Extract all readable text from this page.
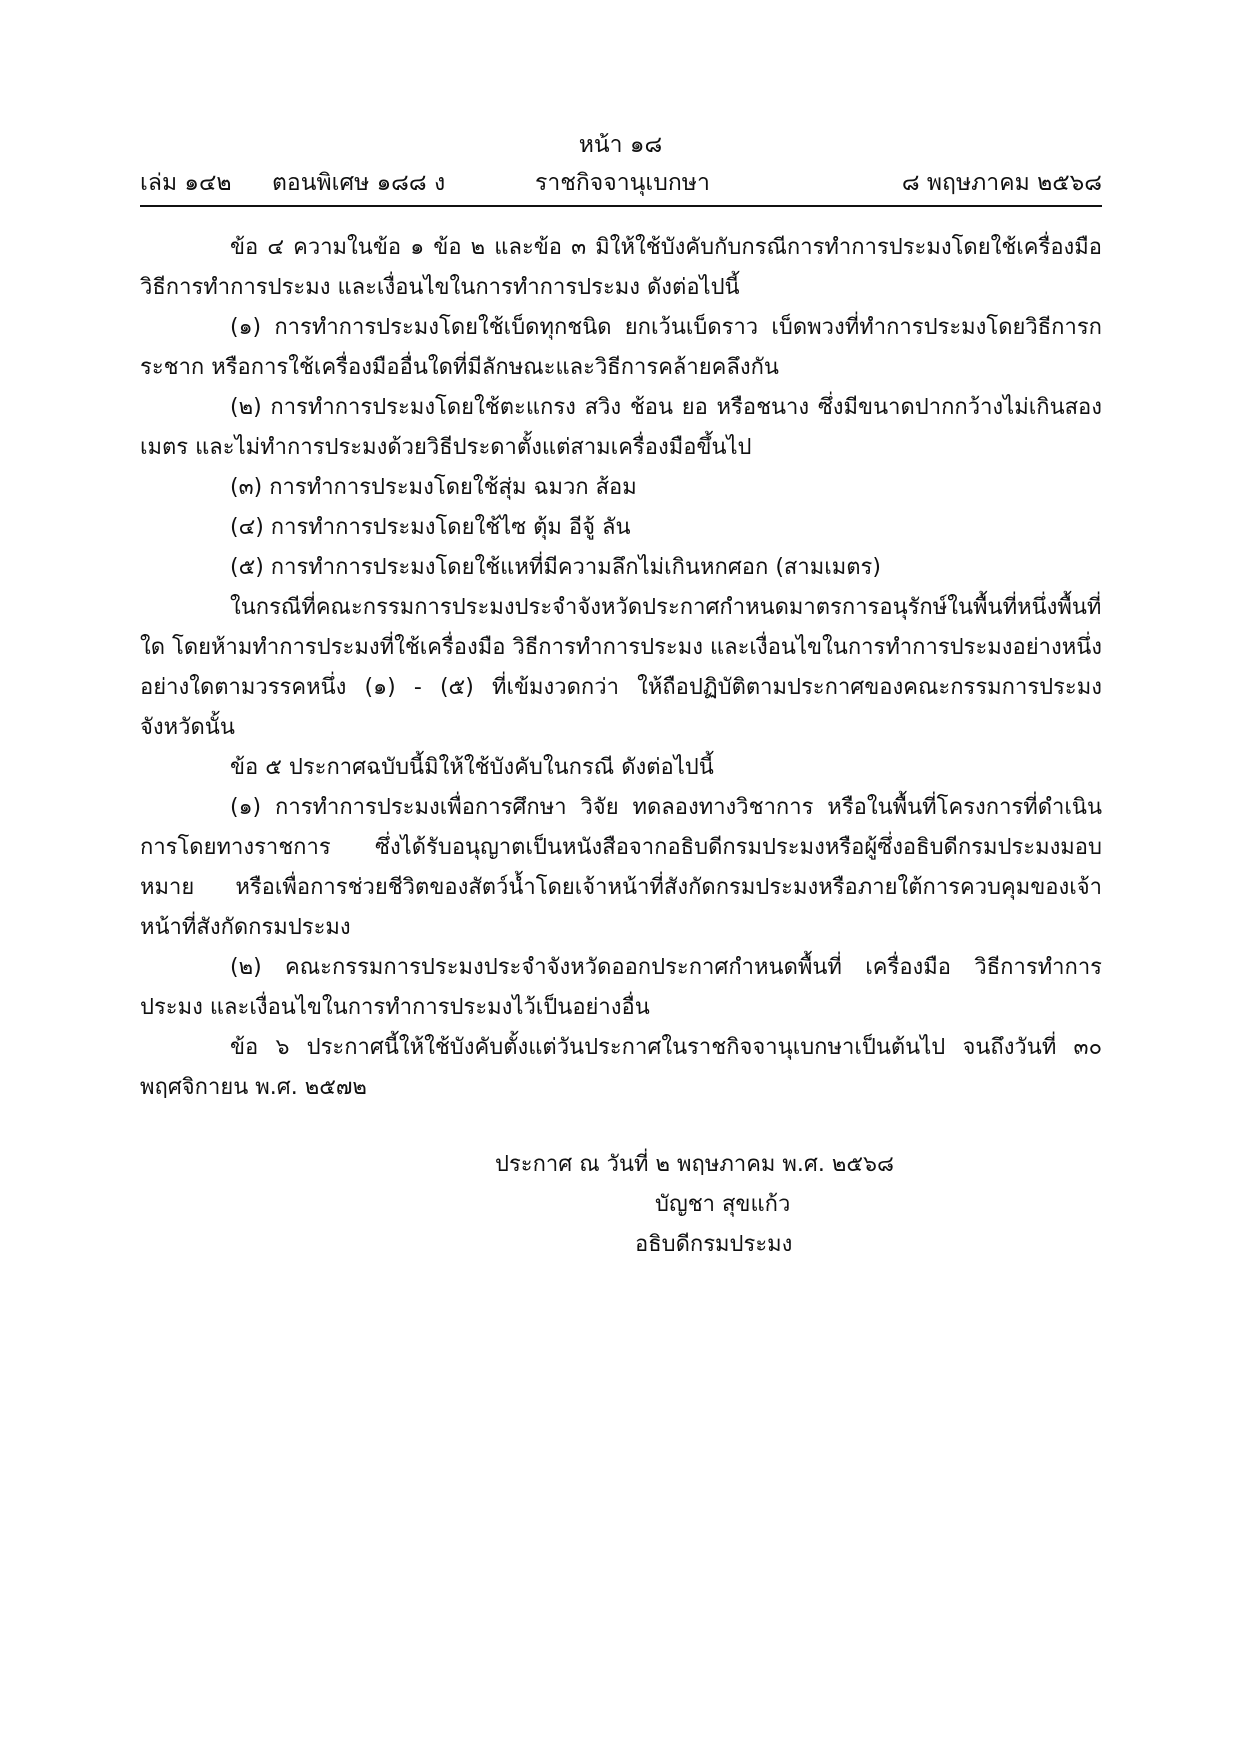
หน้า ๑๘
เล่ม ๑๔๒ ตอนพิเศษ ๑๘๘ ง	ราชกิจจานุเบกษา	๘ พฤษภาคม ๒๕๖๘

ข้อ ๔ ความในข้อ ๑ ข้อ ๒ และข้อ ๓ มิให้ใช้บังคับกับกรณีการทำการประมงโดยใช้เครื่องมือ วิธีการทำการประมง และเงื่อนไขในการทำการประมง ดังต่อไปนี้

(๑) การทำการประมงโดยใช้เบ็ดทุกชนิด ยกเว้นเบ็ดราว เบ็ดพวงที่ทำการประมงโดยวิธีการกระชาก หรือการใช้เครื่องมืออื่นใดที่มีลักษณะและวิธีการคล้ายคลึงกัน

(๒) การทำการประมงโดยใช้ตะแกรง สวิง ช้อน ยอ หรือชนาง ซึ่งมีขนาดปากกว้างไม่เกินสองเมตร และไม่ทำการประมงด้วยวิธีประดาตั้งแต่สามเครื่องมือขึ้นไป

(๓) การทำการประมงโดยใช้สุ่ม ฉมวก ส้อม

(๔) การทำการประมงโดยใช้ไซ ตุ้ม อีจู้ ลัน

(๕) การทำการประมงโดยใช้แหที่มีความลึกไม่เกินหกศอก (สามเมตร)

ในกรณีที่คณะกรรมการประมงประจำจังหวัดประกาศกำหนดมาตรการอนุรักษ์ในพื้นที่หนึ่งพื้นที่ใด โดยห้ามทำการประมงที่ใช้เครื่องมือ วิธีการทำการประมง และเงื่อนไขในการทำการประมงอย่างหนึ่งอย่างใดตามวรรคหนึ่ง (๑) - (๕) ที่เข้มงวดกว่า ให้ถือปฏิบัติตามประกาศของคณะกรรมการประมงจังหวัดนั้น

ข้อ ๕ ประกาศฉบับนี้มิให้ใช้บังคับในกรณี ดังต่อไปนี้

(๑) การทำการประมงเพื่อการศึกษา วิจัย ทดลองทางวิชาการ หรือในพื้นที่โครงการที่ดำเนินการโดยทางราชการ ซึ่งได้รับอนุญาตเป็นหนังสือจากอธิบดีกรมประมงหรือผู้ซึ่งอธิบดีกรมประมงมอบหมาย หรือเพื่อการช่วยชีวิตของสัตว์น้ำโดยเจ้าหน้าที่สังกัดกรมประมงหรือภายใต้การควบคุมของเจ้าหน้าที่สังกัดกรมประมง

(๒) คณะกรรมการประมงประจำจังหวัดออกประกาศกำหนดพื้นที่ เครื่องมือ วิธีการทำการประมง และเงื่อนไขในการทำการประมงไว้เป็นอย่างอื่น

ข้อ ๖ ประกาศนี้ให้ใช้บังคับตั้งแต่วันประกาศในราชกิจจานุเบกษาเป็นต้นไป จนถึงวันที่ ๓๐ พฤศจิกายน พ.ศ. ๒๕๗๒

ประกาศ ณ วันที่ ๒ พฤษภาคม พ.ศ. ๒๕๖๘
บัญชา สุขแก้ว
อธิบดีกรมประมง
